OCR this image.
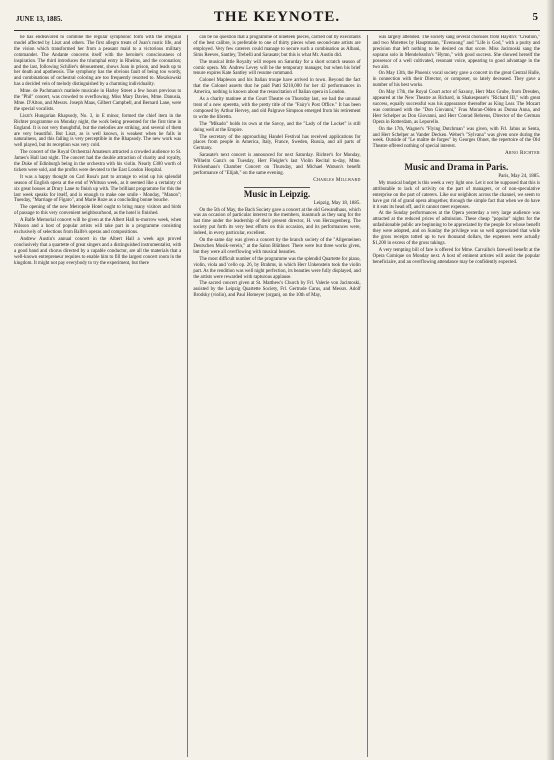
JUNE 13, 1885.	THE KEYNOTE.	5

he has endeavored to combine the regular symphonic form with the irregular model affected by Liszt and others. The first allegro treats of Joan's rustic life, and the vision which transformed her from a peasant maid to a victorious military commander. The Andante concerns itself with the heroine's consciousness of inspiration. The third introduces the triumphal entry in Rheims, and the coronation; and the last, following Schiller's dénouement, shows Joan in prison, and leads up to her death and apotheosis. The symphony has the obvious fault of being too wordy, and combinations of orchestral coloring are too frequently resorted to. Moszkowski has a decided vein of melody distinguished by a charming individuality.

Mme. de Pachmann's matinée musicale in Harley Street a few hours previous to the "Phil" concert, was crowded to overflowing. Miss Mary Davies, Mme. Danusia, Mme. D'Alton, and Messrs. Joseph Maas, Gilbert Campbell, and Bernard Lane, were the special vocalists.

Liszt's Hungarian Rhapsody, No. 3, in E minor, formed the chief item in the Richter programme on Monday night, the work being presented for the first time in England. It is not very thoughtful, but the melodies are striking, and several of them are very beautiful. But Liszt, as is well known, is weakest when he falls in naturalness, and this failing is very perceptible in the Rhapsody. The new work was well played, but its reception was very cold.

The concert of the Royal Orchestral Amateurs attracted a crowded audience to St. James's Hall last night. The concert had the double attraction of charity and royalty, the Duke of Edinburgh being in the orchestra with his violin. Nearly £300 worth of tickets were sold, and the profits were devoted to the East London Hospital.

It was a happy thought on Carl Rosa's part to arrange to wind up his splendid season of English opera at the end of Whitsun week, as it seemed like a certainty of six great houses at Drury Lane to finish up with. The brilliant programme for this the last week speaks for itself, and is enough to make one smile - Monday, "Manon"; Tuesday, "Marriage of Figaro", and Marie Roze as a concluding bonne bouche.

The opening of the new Metropole Hotel ought to bring many visitors and birds of passage to this very convenient neighbourhood, as the hotel is finished.

A Balfe Memorial concert will be given at the Albert Hall to-morrow week, when Nilsson and a host of popular artists will take part in a programme consisting exclusively of selections from Balfe's operas and compositions.

Andrew Austin's annual concert in the Albert Hall a week ago proved conclusively that a quartette of great singers and a distinguished instrumentalist, with a good band and chorus directed by a capable conductor, are all the materials that a well-known entrepreneur requires to enable him to fill the largest concert room in the kingdom. It might not pay everybody to try the experiment, but there

can be no question that a programme of nineteen pieces, carried out by executants of the best calibre, is preferable to one of thirty pieces when second-rate artists are employed. Very few caterers could manage to secure such a combination as Albani, Sims Reeves, Santley, Trebelli and Sarasate; but this is what Mr. Austin did.

The musical little Royalty will reopen on Saturday for a short scratch season of comic opera. Mr. Andrew Levey will be the temporary manager, but when his brief tenure expires Kate Santley will resume command.

Colonel Mapleson and his Italian troupe have arrived in town. Beyond the fact that the Colonel asserts that he paid Patti $210,000 for her 42 performances in America, nothing is known about the resuscitation of Italian opera in London.

As a charity matinee at the Court Theatre on Thursday last, we had the unusual treat of a new operetta, with the pretty title of the "Fairy's Post Office." It has been composed by Arthur Hervey, and old Palgrave Simpson emerged from his retirement to write the libretto.

The "Mikado" holds its own at the Savoy, and the "Lady of the Locket" is still doing well at the Empire.

The secretary of the approaching Handel Festival has received applications for places from people in America, Italy, France, Sweden, Russia, and all parts of Germany.

Sarasate's next concert is announced for next Saturday. Richter's for Monday, Wilhelm Ganz's on Tuesday, Herr Fleigler's last Violin Recital to-day, Mme. Frickenhaus's Chamber Concert on Thursday, and Michael Watson's benefit performance of "Elijah," on the same evening.

Charles Millward
Music in Leipzig.
Leipzig, May 18, 1885.

On the 5th of May, the Bach Society gave a concert at the old Gewandhaus, which was an occasion of particular interest to the members, inasmuch as they sang for the last time under the leadership of their present director, H. von Herzogenberg. The society put forth its very best efforts on this occasion, and its performances were, indeed, in every particular, excellent.

On the same day was given a concert by the branch society of the "Allgemeinen Deutschen Musik-verein," at the Salon Blüthner. There were but three works given, but they were all overflowing with musical beauties.

The most difficult number of the programme was the splendid Quartette for piano, violin, viola and 'cello op. 26, by Brahms, in which Herr Unkenstein took the violin part. As the rendition was well night perfection, its beauties were fully displayed, and the artists were rewarded with rapturous applause.

The sacred concert given at St. Matthew's Church by Frl. Valerie von Jacimoski, assisted by the Leipzig Quartette Society, Frl. Gertrude Carus, and Messrs. Adolf Brodsky (violin), and Paul Homeyer (organ), on the 10th of May,

was largely attended. The society sang several choruses from Haydn's "Creation," and two Motettes by Hauptmann, "Evensong" and "Life is God," with a purity and precision that left nothing to be desired on that score. Miss Jacimoski sang the soprano solo in Mendelssohn's "Hymn," with good success. She showed herself the possessor of a well cultivated, resonant voice, appearing to good advantage in the two airs.

On May 13th, the Phoenix vocal society gave a concert in the great Central Halle, in connection with their Director, or composer, so lately deceased. They gave a number of his best works.

On May 17th, the Royal Court actor of Saxony, Herr Max Grube, from Dresden, appeared at the New Theatre as Richard, in Shakespeare's "Richard III," with great success, equally successful was his appearance thereafter as King Lear. The Mozart was continued with the "Don Giovanni," Frau Moran-Olden as Donna Anna, and Herr Schelper as Don Giovanni, and Herr Conrad Behrens, Director of the German Opera in Rotterdam, as Leporello.

On the 17th, Wagner's "Flying Dutchman" was given, with Frl. Jahns as Senta, and Herr Schelper as Vander Decken. Weber's "Sylvana" was given once during the week. Outside of "Le maître de forges" by Georges Ohnet, the repertoire of the Old Theatre offered nothing of special interest.

Arno Richter
Music and Drama in Paris.
Paris, May 24, 1885.

My musical budget is this week a very light one. Let it not be supposed that this is attributable to lack of activity on the part of managers, or of non-speculative enterprise on the part of caterers. Like our neighbors across the channel, we seem to have got rid of grand opera altogether, through the simple fact that when we do have it it eats its head off, and it cannot meet expenses.

At the Sunday performances at the Opera yesterday a very large audience was attracted at the reduced prices of admission. These cheap "popular" nights for the unfashionable public are beginning to be appreciated by the people for whose benefit they were adopted, and on Sunday the privilege was so well appreciated that while the gross receipts totted up to two thousand dollars, the expenses were actually $1,200 in excess of the gross takings.

A very tempting bill of fare is offered for Mme. Carvalho's farewell benefit at the Opera Comique on Monday next. A host of eminent artistes will assist the popular beneficiaire, and an overflowing attendance may be confidently expected.
